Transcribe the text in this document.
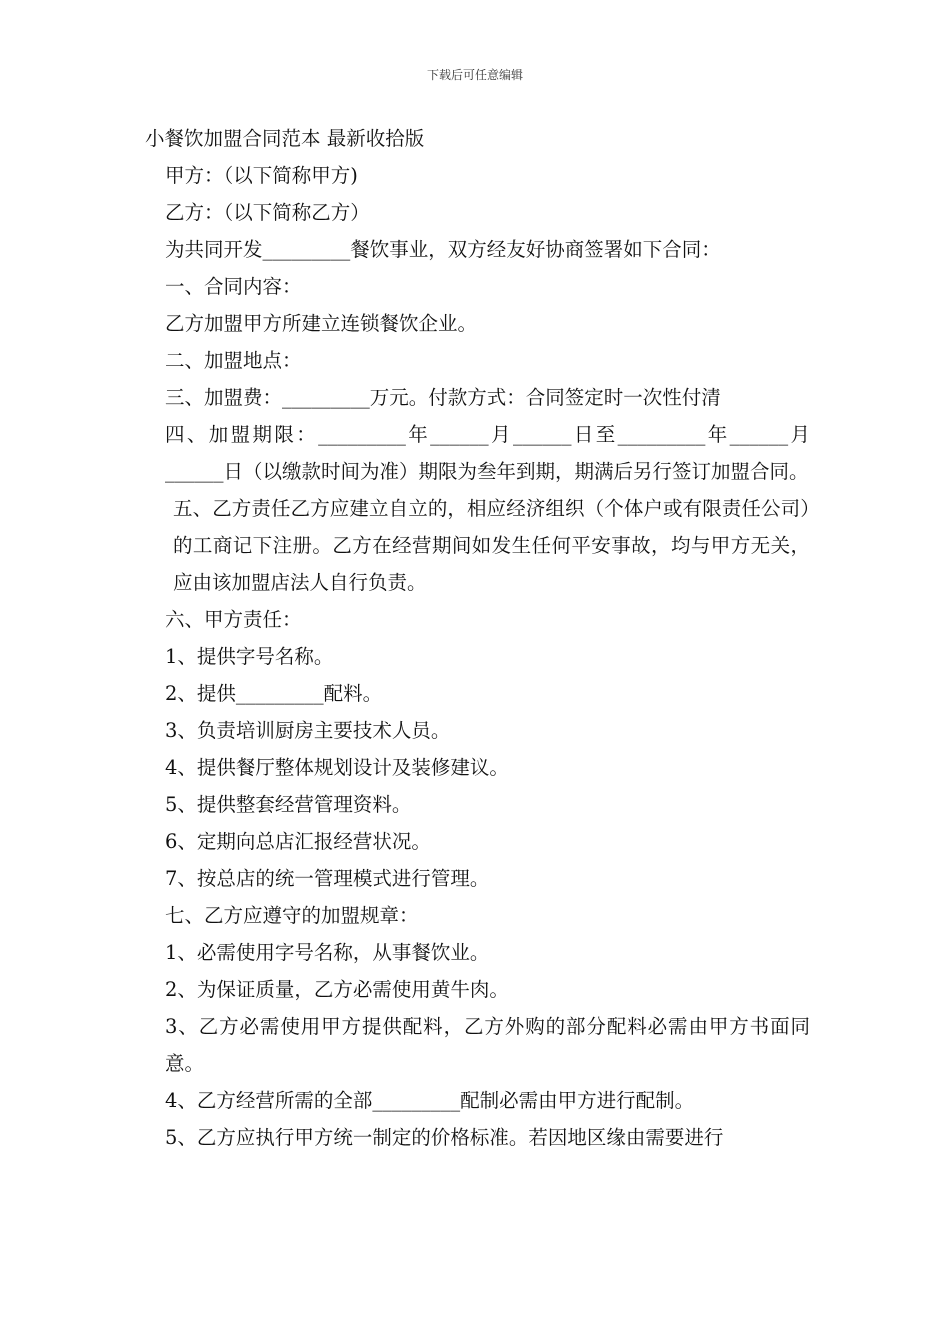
下载后可任意编辑

小餐饮加盟合同范本 最新收拾版

甲方：（以下简称甲方)

乙方：（以下简称乙方）

为共同开发_________餐饮事业，双方经友好协商签署如下合同：

一、合同内容：

乙方加盟甲方所建立连锁餐饮企业。

二、加盟地点：

三、加盟费：_________万元。付款方式：合同签定时一次性付清

四、加盟期限：_________年______月______日至_________年______月______日（以缴款时间为准）期限为叁年到期，期满后另行签订加盟合同。

五、乙方责任乙方应建立自立的，相应经济组织（个体户或有限责任公司）的工商记下注册。乙方在经营期间如发生任何平安事故，均与甲方无关，应由该加盟店法人自行负责。

六、甲方责任：

1、提供字号名称。

2、提供_________配料。

3、负责培训厨房主要技术人员。

4、提供餐厅整体规划设计及装修建议。

5、提供整套经营管理资料。

6、定期向总店汇报经营状况。

7、按总店的统一管理模式进行管理。

七、乙方应遵守的加盟规章：

1、必需使用字号名称，从事餐饮业。

2、为保证质量，乙方必需使用黄牛肉。

3、乙方必需使用甲方提供配料，乙方外购的部分配料必需由甲方书面同意。

4、乙方经营所需的全部_________配制必需由甲方进行配制。

5、乙方应执行甲方统一制定的价格标准。若因地区缘由需要进行
